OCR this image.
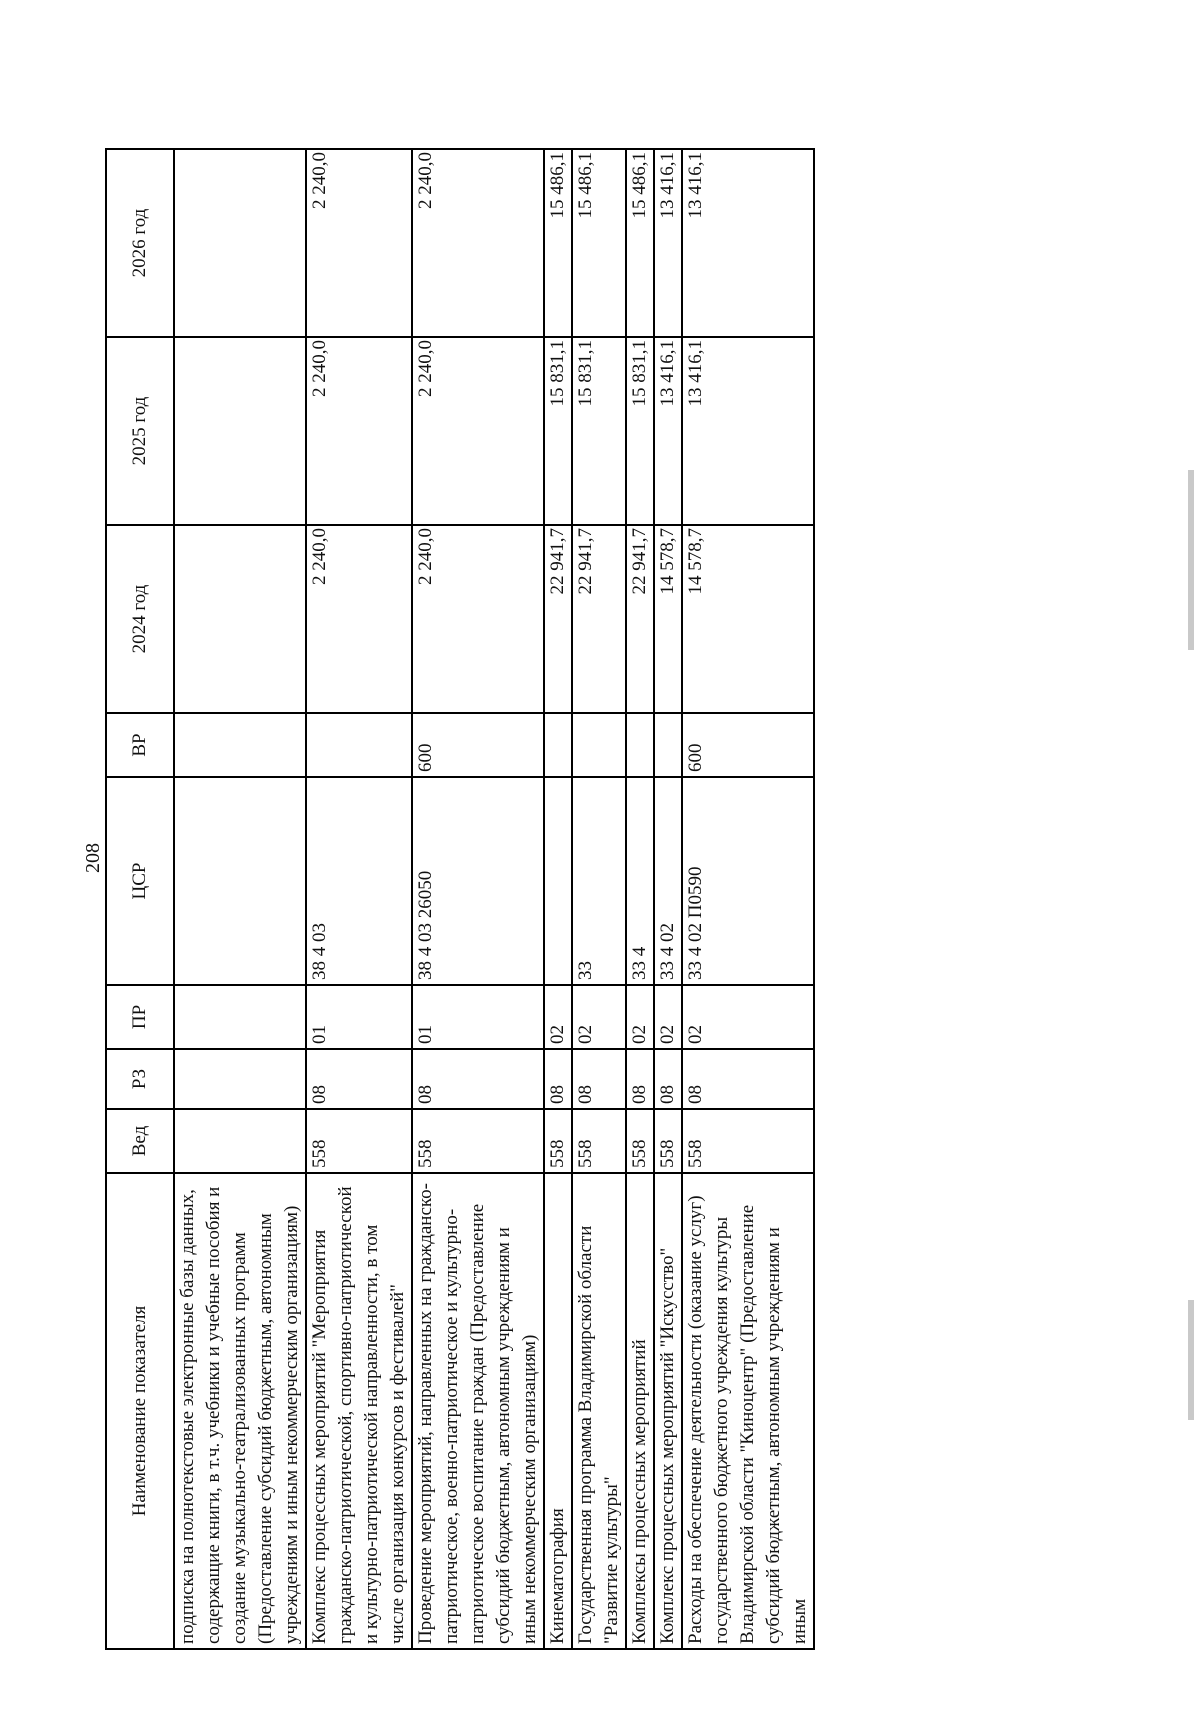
208
Наименование показателя	Вед	РЗ	ПР	ЦСР	ВР	2024 год	2025 год	2026 год
подписка на полнотекстовые электронные базы данных, содержащие книги, в т.ч. учебники и учебные пособия и создание музыкально-театрализованных программ (Предоставление субсидий бюджетным, автономным учреждениям и иным некоммерческим организациям)								
Комплекс процессных мероприятий "Мероприятия гражданско-патриотической, спортивно-патриотической и культурно-патриотической направленности, в том числе организация конкурсов и фестивалей"	558	08	01	38 4 03		2 240,0	2 240,0	2 240,0
Проведение мероприятий, направленных на гражданско-патриотическое, военно-патриотическое и культурно-патриотическое воспитание граждан (Предоставление субсидий бюджетным, автономным учреждениям и иным некоммерческим организациям)	558	08	01	38 4 03 26050	600	2 240,0	2 240,0	2 240,0
Кинематография	558	08	02			22 941,7	15 831,1	15 486,1
Государственная программа Владимирской области "Развитие культуры"	558	08	02	33		22 941,7	15 831,1	15 486,1
Комплексы процессных мероприятий	558	08	02	33 4		22 941,7	15 831,1	15 486,1
Комплекс процессных мероприятий "Искусство"	558	08	02	33 4 02		14 578,7	13 416,1	13 416,1
Расходы на обеспечение деятельности (оказание услуг) государственного бюджетного учреждения культуры Владимирской области "Киноцентр" (Предоставление субсидий бюджетным, автономным учреждениям и иным	558	08	02	33 4 02 П0590	600	14 578,7	13 416,1	13 416,1
